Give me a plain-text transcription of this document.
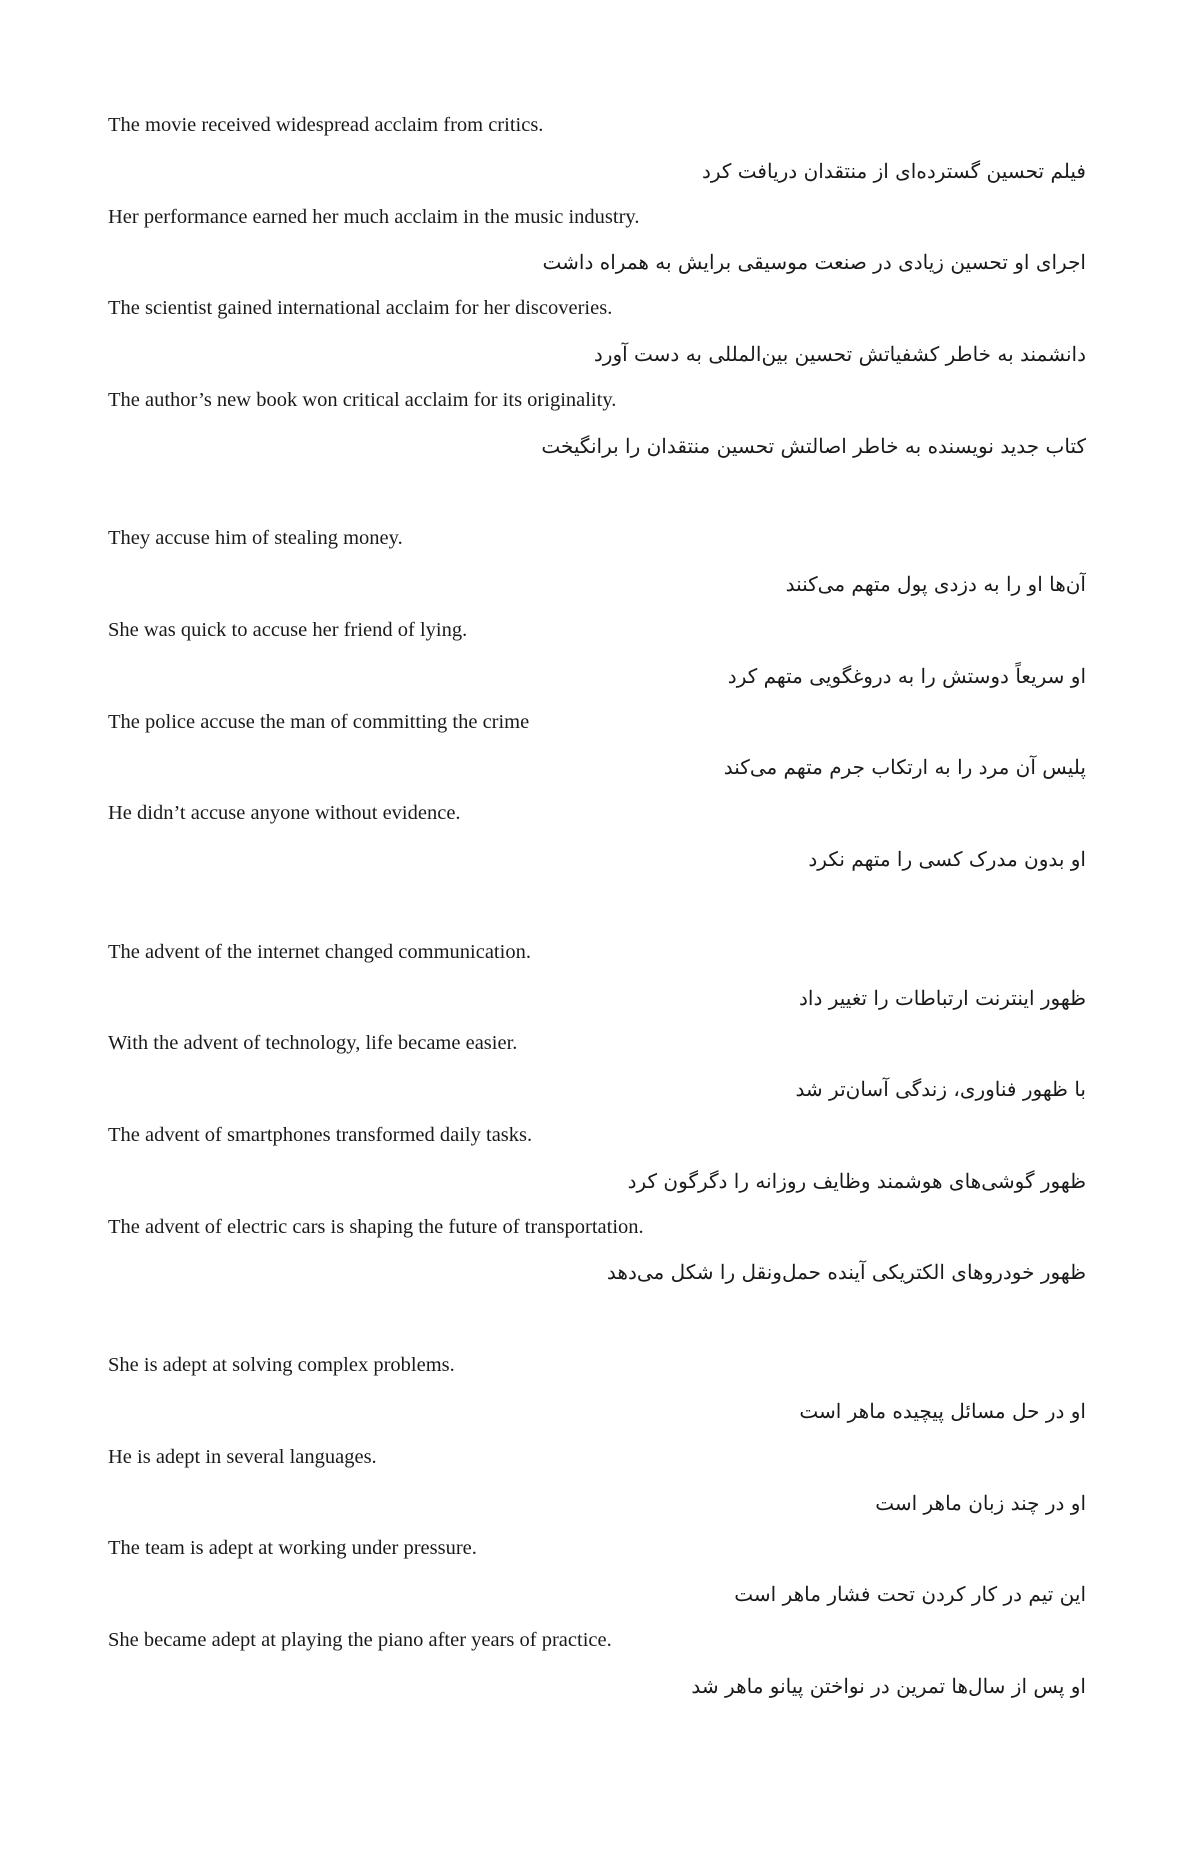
The movie received widespread acclaim from critics.
فیلم تحسین گسترده‌ای از منتقدان دریافت کرد
Her performance earned her much acclaim in the music industry.
اجرای او تحسین زیادی در صنعت موسیقی برایش به همراه داشت
The scientist gained international acclaim for her discoveries.
دانشمند به خاطر کشفیاتش تحسین بین‌المللی به دست آورد
The author’s new book won critical acclaim for its originality.
کتاب جدید نویسنده به خاطر اصالتش تحسین منتقدان را برانگیخت
They accuse him of stealing money.
آن‌ها او را به دزدی پول متهم می‌کنند
She was quick to accuse her friend of lying.
او سریعاً دوستش را به دروغگویی متهم کرد
The police accuse the man of committing the crime
پلیس آن مرد را به ارتکاب جرم متهم می‌کند
He didn’t accuse anyone without evidence.
او بدون مدرک کسی را متهم نکرد
The advent of the internet changed communication.
ظهور اینترنت ارتباطات را تغییر داد
With the advent of technology, life became easier.
با ظهور فناوری، زندگی آسان‌تر شد
The advent of smartphones transformed daily tasks.
ظهور گوشی‌های هوشمند وظایف روزانه را دگرگون کرد
The advent of electric cars is shaping the future of transportation.
ظهور خودروهای الکتریکی آینده حمل‌ونقل را شکل می‌دهد
She is adept at solving complex problems.
او در حل مسائل پیچیده ماهر است
He is adept in several languages.
او در چند زبان ماهر است
The team is adept at working under pressure.
این تیم در کار کردن تحت فشار ماهر است
She became adept at playing the piano after years of practice.
او پس از سال‌ها تمرین در نواختن پیانو ماهر شد
